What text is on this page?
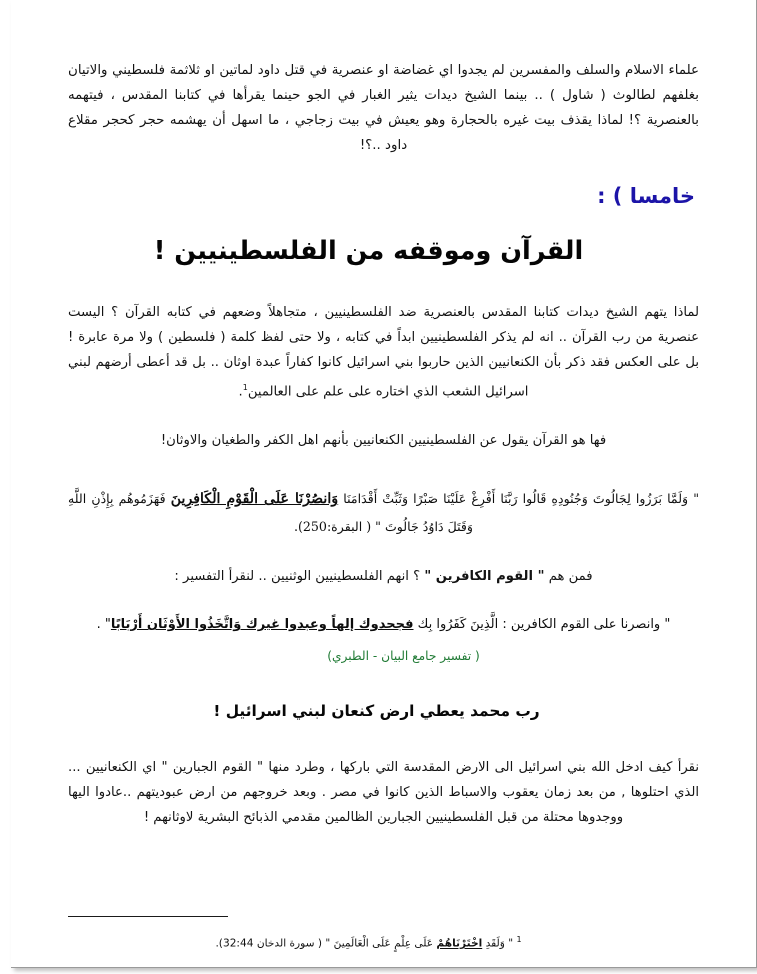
علماء الاسلام والسلف والمفسرين لم يجدوا اي غضاضة او عنصرية في قتل داود لماتين او ثلاثمة فلسطيني والاتيان بغلفهم لطالوث ( شاول ) .. بينما الشيخ ديدات يثير الغبار في الجو حينما يقرأها في كتابنا المقدس ، فيتهمه بالعنصرية ؟! لماذا يقذف بيت غيره بالحجارة وهو يعيش في بيت زجاجي ، ما اسهل أن يهشمه حجر كحجر مقلاع داود ..؟!

خامسا ) :

القرآن وموقفه من الفلسطينيين !

لماذا يتهم الشيخ ديدات كتابنا المقدس بالعنصرية ضد الفلسطينيين ، متجاهلاً وضعهم في كتابه القرآن ؟ اليست عنصرية من رب القرآن .. انه لم يذكر الفلسطينيين ابداً في كتابه ، ولا حتى لفظ كلمة ( فلسطين ) ولا مرة عابرة ! بل على العكس فقد ذكر بأن الكنعانيين الذين حاربوا بني اسرائيل كانوا كفاراً عبدة اوثان .. بل قد أعطى أرضهم لبني اسرائيل الشعب الذي اختاره على علم على العالمين$^1$.

فها هو القرآن يقول عن الفلسطينيين الكنعانيين بأنهم اهل الكفر والطغيان والاوثان!

" وَلَمَّا بَرَزُوا لِجَالُوتَ وَجُنُودِهِ قَالُوا رَبَّنَا أَفْرِغْ عَلَيْنَا صَبْرًا وَثَبِّتْ أَقْدَامَنَا وَانصُرْنَا عَلَى الْقَوْمِ الْكَافِرِينَ فَهَزَمُوهُم بِإِذْنِ اللَّهِ وَقَتَلَ دَاوُدُ جَالُوتَ " ( البقرة:250).

فمن هم " القوم الكافرين " ؟ انهم الفلسطينيين الوثنيين .. لنقرأ التفسير :

" وانصرنا على القوم الكافرين : الَّذِينَ كَفَرُوا بِك فجحدوك إلهاً وعبدوا غيرك وَاتَّخَذُوا الأَوْثَان أَرْبَابًا" .

( تفسير جامع البيان - الطبري)

رب محمد يعطي ارض كنعان لبني اسرائيل !

نقرأ كيف ادخل الله بني اسرائيل الى الارض المقدسة التي باركها ، وطرد منها " القوم الجبارين " اي الكنعانيين ... الذي احتلوها , من بعد زمان يعقوب والاسباط الذين كانوا في مصر . وبعد خروجهم من ارض عبوديتهم ..عادوا اليها ووجدوها محتلة من قبل الفلسطينيين الجبارين الظالمين مقدمي الذبائح البشرية لاوثانهم !

$^1$ " وَلَقَدِ اخْتَرْنَاهُمْ عَلَى عِلْمٍ عَلَى الْعَالَمِينَ " ( سورة الدخان 32:44).
